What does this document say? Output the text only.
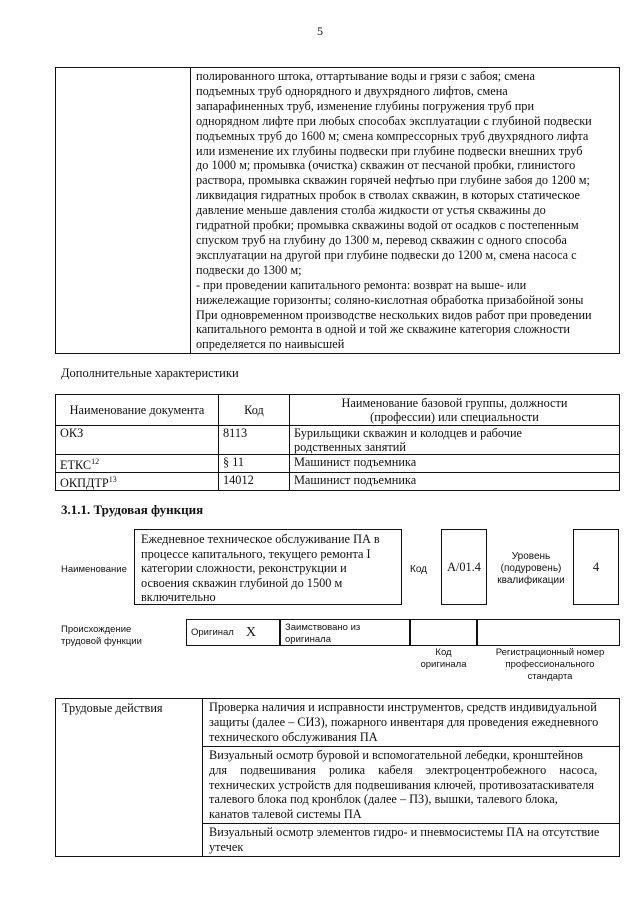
5

полированного штока, оттартывание воды и грязи с забоя; смена
подъемных труб однорядного и двухрядного лифтов, смена
запарафиненных труб, изменение глубины погружения труб при
однорядном лифте при любых способах эксплуатации с глубиной подвески
подъемных труб до 1600 м; смена компрессорных труб двухрядного лифта
или изменение их глубины подвески при глубине подвески внешних труб
до 1000 м; промывка (очистка) скважин от песчаной пробки, глинистого
раствора, промывка скважин горячей нефтью при глубине забоя до 1200 м;
ликвидация гидратных пробок в стволах скважин, в которых статическое
давление меньше давления столба жидкости от устья скважины до
гидратной пробки; промывка скважины водой от осадков с постепенным
спуском труб на глубину до 1300 м, перевод скважин с одного способа
эксплуатации на другой при глубине подвески до 1200 м, смена насоса с
подвески до 1300 м;
- при проведении капитального ремонта: возврат на выше- или
нижележащие горизонты; соляно-кислотная обработка призабойной зоны
При одновременном производстве нескольких видов работ при проведении
капитального ремонта в одной и той же скважине категория сложности
определяется по наивысшей
Дополнительные характеристики
Наименование документа	Код	Наименование базовой группы, должности
(профессии) или специальности

ОКЗ	8113	Бурильщики скважин и колодцев и рабочие
родственных занятий

ЕТКС$^{12}$	§ 11	Машинист подъемника

ОКПДТР$^{13}$	14012	Машинист подъемника
3.1.1. Трудовая функция
Наименование
Ежедневное техническое обслуживание ПА в
процессе капитального, текущего ремонта I
категории сложности, реконструкции и
освоения скважин глубиной до 1500 м
включительно
Код A/01.4
Уровень
(подуровень)
квалификации
4
Происхождение
трудовой функции
Оригинал X	Заимствовано из
оригинала
Код
оригинала
Регистрационный номер
профессионального
стандарта
Трудовые действия	Проверка наличия и исправности инструментов, средств индивидуальной
защиты (далее – СИЗ), пожарного инвентаря для проведения ежедневного
технического обслуживания ПА

Визуальный осмотр буровой и вспомогательной лебедки, кронштейнов
для подвешивания ролика кабеля электроцентробежного насоса,
технических устройств для подвешивания ключей, противозатаскивателя
талевого блока под кронблок (далее – ПЗ), вышки, талевого блока,
канатов талевой системы ПА

Визуальный осмотр элементов гидро- и пневмосистемы ПА на отсутствие
утечек
